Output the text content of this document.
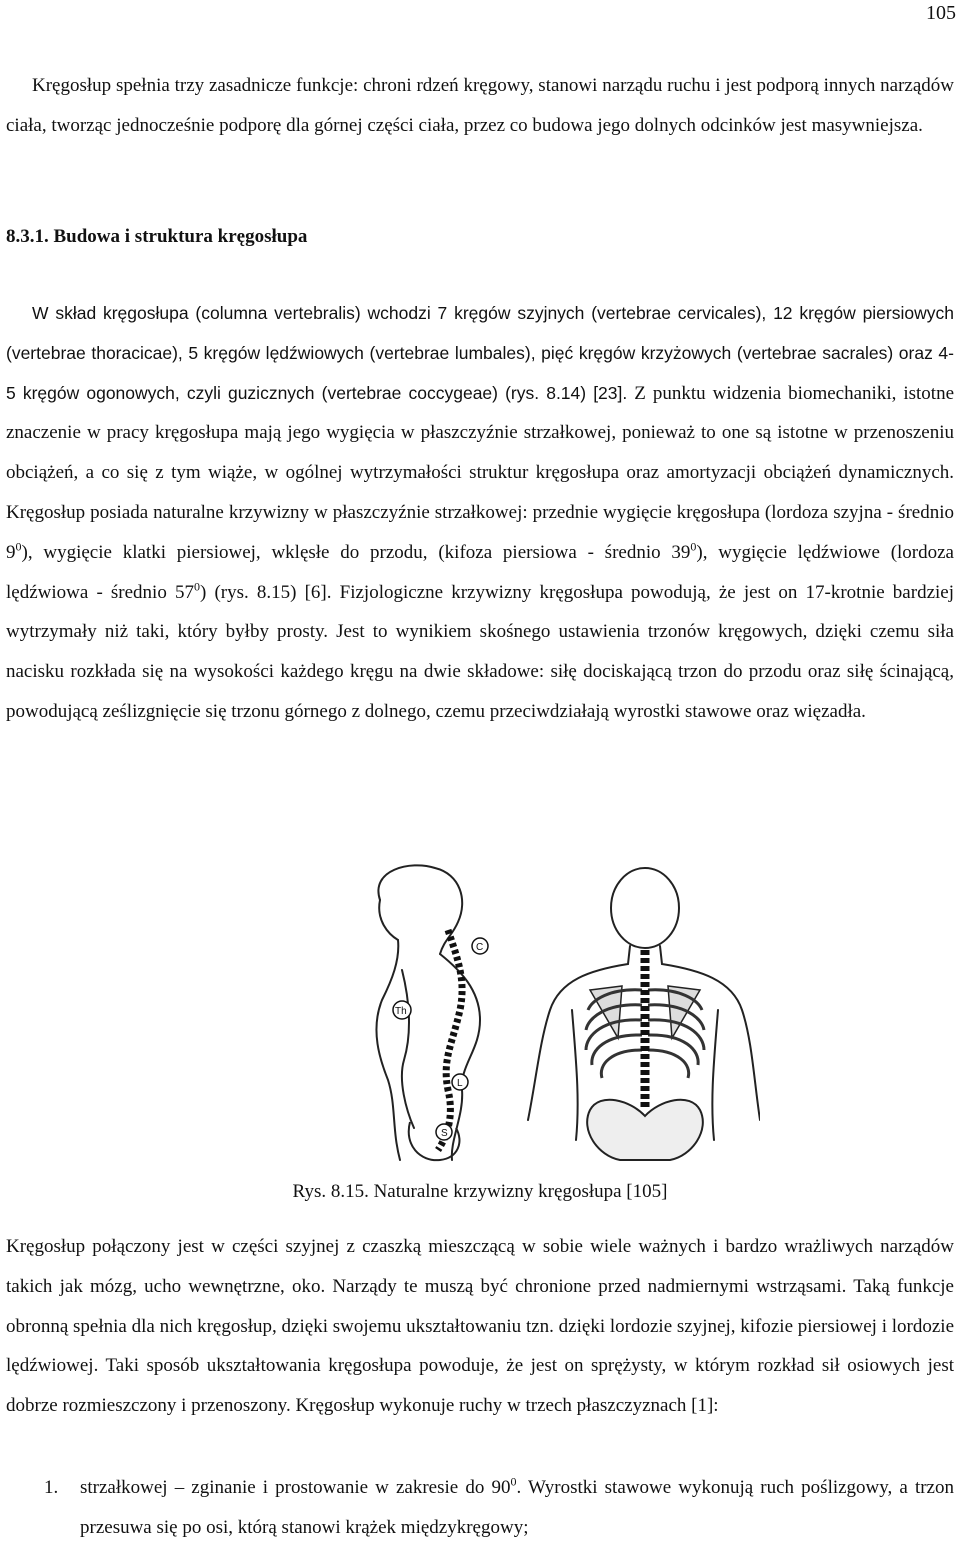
105

Kręgosłup spełnia trzy zasadnicze funkcje: chroni rdzeń kręgowy, stanowi narządu ruchu i jest podporą innych narządów ciała, tworząc jednocześnie podporę dla górnej części ciała, przez co budowa jego dolnych odcinków jest masywniejsza.

8.3.1. Budowa i struktura kręgosłupa

W skład kręgosłupa (columna vertebralis) wchodzi 7 kręgów szyjnych (vertebrae cervicales), 12 kręgów piersiowych (vertebrae thoracicae), 5 kręgów lędźwiowych (vertebrae lumbales), pięć kręgów krzyżowych (vertebrae sacrales) oraz 4-5 kręgów ogonowych, czyli guzicznych (vertebrae coccygeae) (rys. 8.14) [23]. Z punktu widzenia biomechaniki, istotne znaczenie w pracy kręgosłupa mają jego wygięcia w płaszczyźnie strzałkowej, ponieważ to one są istotne w przenoszeniu obciążeń, a co się z tym wiąże, w ogólnej wytrzymałości struktur kręgosłupa oraz amortyzacji obciążeń dynamicznych. Kręgosłup posiada naturalne krzywizny w płaszczyźnie strzałkowej: przednie wygięcie kręgosłupa (lordoza szyjna - średnio $9^0$), wygięcie klatki piersiowej, wklęsłe do przodu, (kifoza piersiowa - średnio $39^0$), wygięcie lędźwiowe (lordoza lędźwiowa - średnio $57^0$) (rys. 8.15) [6]. Fizjologiczne krzywizny kręgosłupa powodują, że jest on 17-krotnie bardziej wytrzymały niż taki, który byłby prosty. Jest to wynikiem skośnego ustawienia trzonów kręgowych, dzięki czemu siła nacisku rozkłada się na wysokości każdego kręgu na dwie składowe: siłę dociskającą trzon do przodu oraz siłę ścinającą, powodującą ześlizgnięcie się trzonu górnego z dolnego, czemu przeciwdziałają wyrostki stawowe oraz więzadła.

C
Th
L
S
Rys. 8.15. Naturalne krzywizny kręgosłupa [105]

Kręgosłup połączony jest w części szyjnej z czaszką mieszczącą w sobie wiele ważnych i bardzo wrażliwych narządów takich jak mózg, ucho wewnętrzne, oko. Narządy te muszą być chronione przed nadmiernymi wstrząsami. Taką funkcje obronną spełnia dla nich kręgosłup, dzięki swojemu ukształtowaniu tzn. dzięki lordozie szyjnej, kifozie piersiowej i lordozie lędźwiowej. Taki sposób ukształtowania kręgosłupa powoduje, że jest on sprężysty, w którym rozkład sił osiowych jest dobrze rozmieszczony i przenoszony. Kręgosłup wykonuje ruchy w trzech płaszczyznach [1]:

1.	strzałkowej – zginanie i prostowanie w zakresie do $90^0$. Wyrostki stawowe wykonują ruch poślizgowy, a trzon przesuwa się po osi, którą stanowi krążek międzykręgowy;
